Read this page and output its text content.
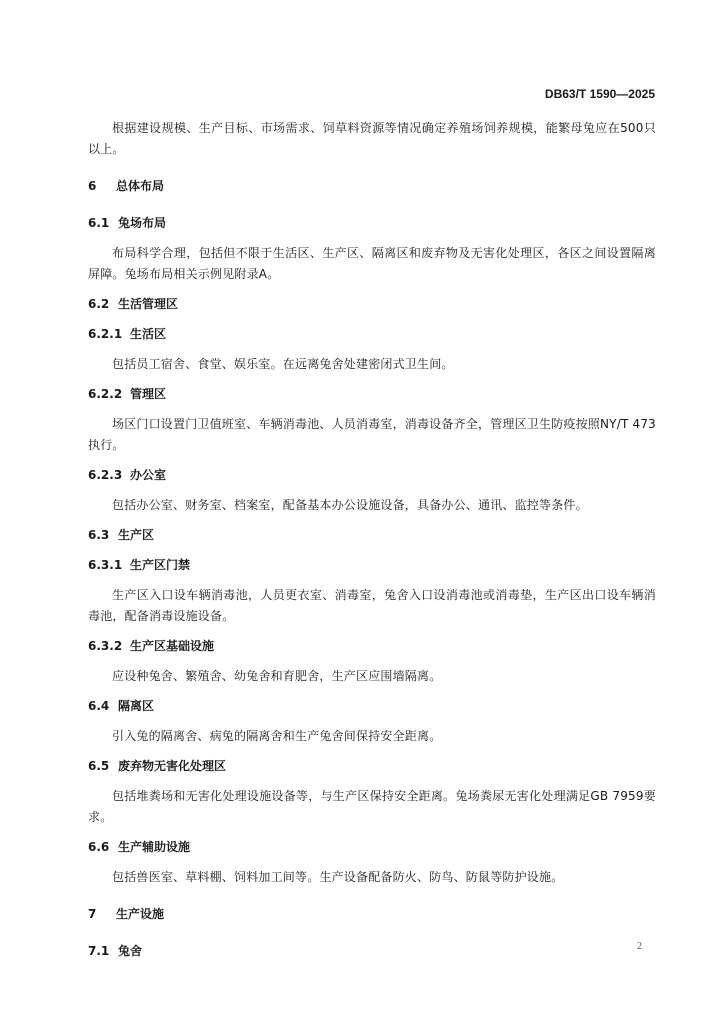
DB63/T 1590—2025

根据建设规模、生产目标、市场需求、饲草料资源等情况确定养殖场饲养规模，能繁母兔应在500只以上。

6 总体布局
6.1 兔场布局

布局科学合理，包括但不限于生活区、生产区、隔离区和废弃物及无害化处理区，各区之间设置隔离屏障。兔场布局相关示例见附录A。

6.2 生活管理区
6.2.1 生活区

包括员工宿舍、食堂、娱乐室。在远离兔舍处建密闭式卫生间。

6.2.2 管理区

场区门口设置门卫值班室、车辆消毒池、人员消毒室，消毒设备齐全，管理区卫生防疫按照NY/T 473执行。

6.2.3 办公室

包括办公室、财务室、档案室，配备基本办公设施设备，具备办公、通讯、监控等条件。

6.3 生产区
6.3.1 生产区门禁

生产区入口设车辆消毒池，人员更衣室、消毒室，兔舍入口设消毒池或消毒垫，生产区出口设车辆消毒池，配备消毒设施设备。

6.3.2 生产区基础设施

应设种兔舍、繁殖舍、幼兔舍和育肥舍，生产区应围墙隔离。

6.4 隔离区

引入兔的隔离舍、病兔的隔离舍和生产兔舍间保持安全距离。

6.5 废弃物无害化处理区

包括堆粪场和无害化处理设施设备等，与生产区保持安全距离。兔场粪尿无害化处理满足GB 7959要求。

6.6 生产辅助设施

包括兽医室、草料棚、饲料加工间等。生产设备配备防火、防鸟、防鼠等防护设施。

7 生产设施
7.1 兔舍	2
